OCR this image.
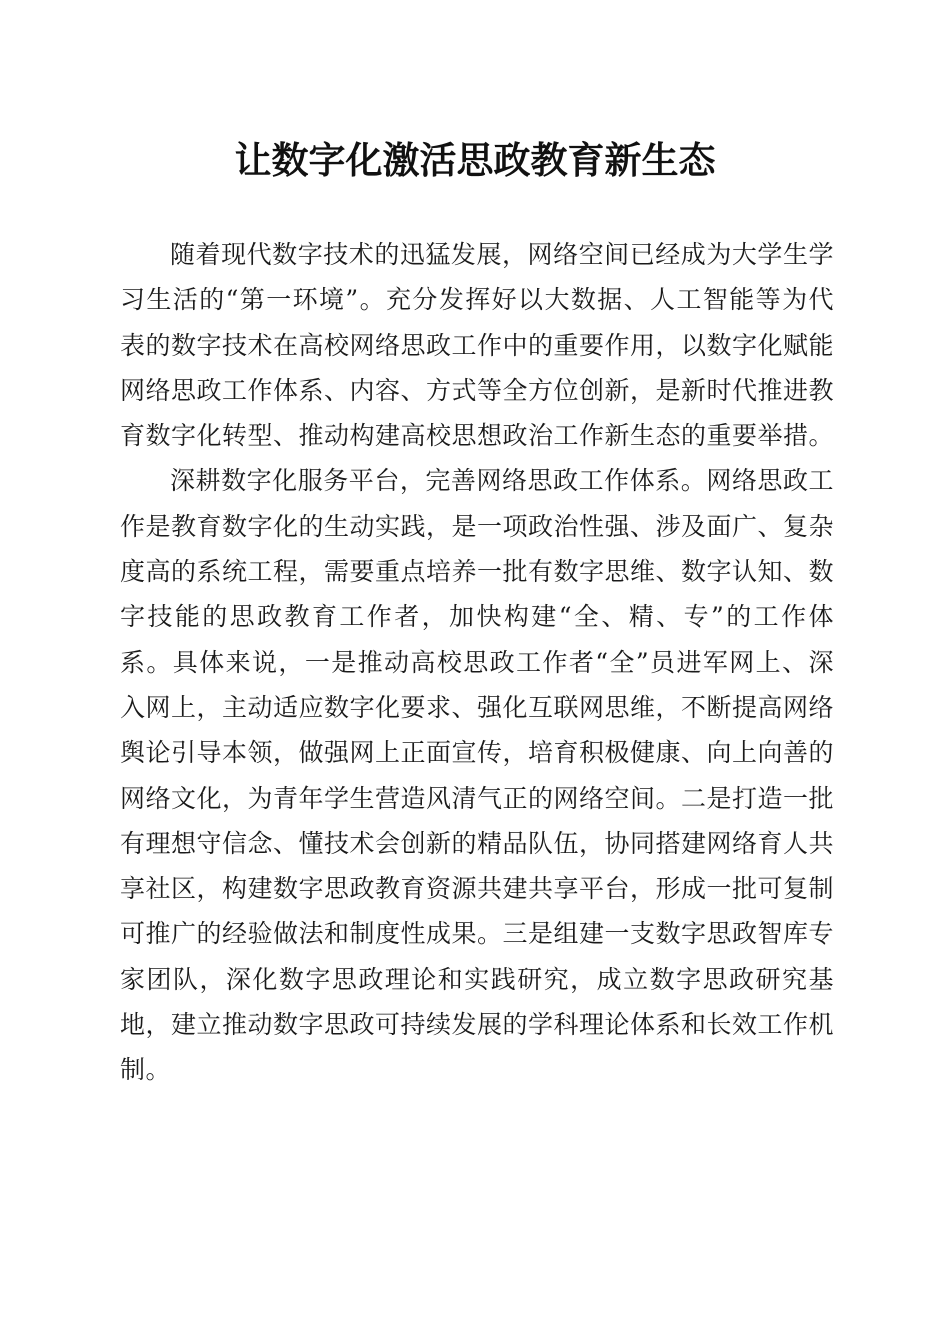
让数字化激活思政教育新生态

随着现代数字技术的迅猛发展，网络空间已经成为大学生学习生活的“第一环境”。充分发挥好以大数据、人工智能等为代表的数字技术在高校网络思政工作中的重要作用，以数字化赋能网络思政工作体系、内容、方式等全方位创新，是新时代推进教育数字化转型、推动构建高校思想政治工作新生态的重要举措。

深耕数字化服务平台，完善网络思政工作体系。网络思政工作是教育数字化的生动实践，是一项政治性强、涉及面广、复杂度高的系统工程，需要重点培养一批有数字思维、数字认知、数字技能的思政教育工作者，加快构建“全、精、专”的工作体系。具体来说，一是推动高校思政工作者“全”员进军网上、深入网上，主动适应数字化要求、强化互联网思维，不断提高网络舆论引导本领，做强网上正面宣传，培育积极健康、向上向善的网络文化，为青年学生营造风清气正的网络空间。二是打造一批有理想守信念、懂技术会创新的精品队伍，协同搭建网络育人共享社区，构建数字思政教育资源共建共享平台，形成一批可复制可推广的经验做法和制度性成果。三是组建一支数字思政智库专家团队，深化数字思政理论和实践研究，成立数字思政研究基地，建立推动数字思政可持续发展的学科理论体系和长效工作机制。
